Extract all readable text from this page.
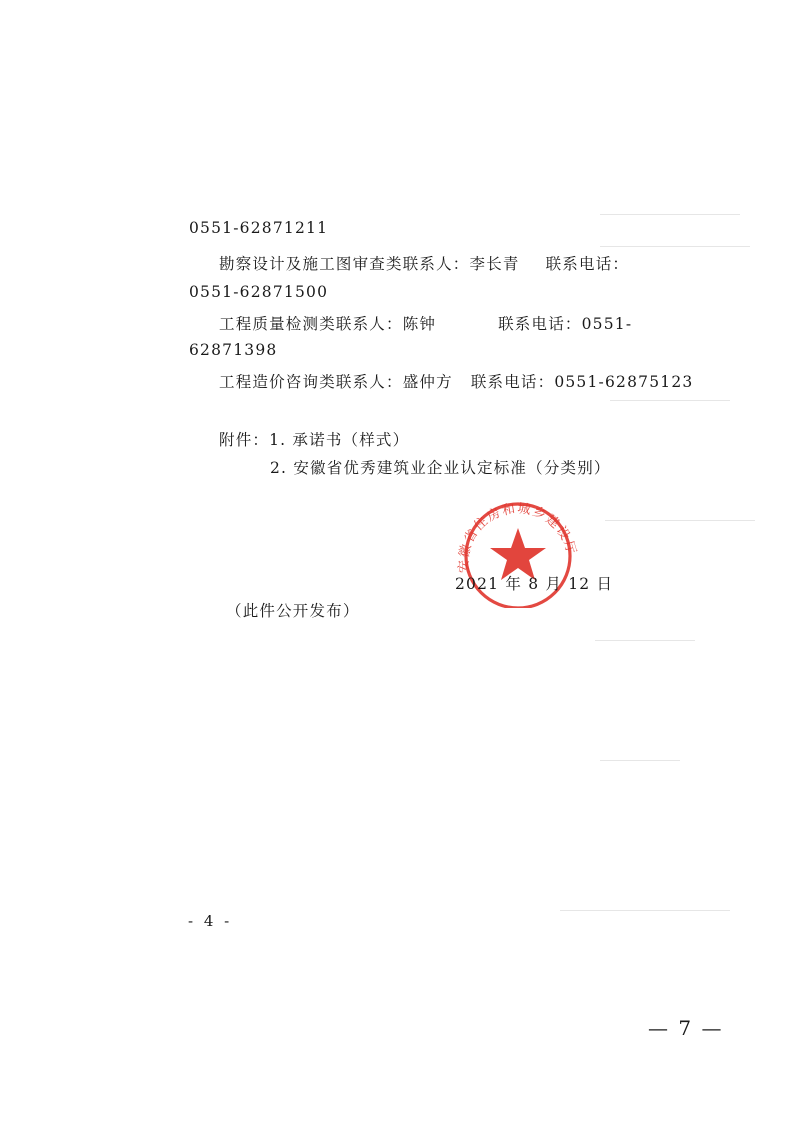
0551-62871211
勘察设计及施工图审查类联系人：李长青 联系电话：
0551-62871500
工程质量检测类联系人：陈钟	联系电话：0551-
62871398
工程造价咨询类联系人：盛仲方 联系电话：0551-62875123
附件：1. 承诺书（样式）
2. 安徽省优秀建筑业企业认定标准（分类别）
安徽省住房和城乡建设厅
2021 年 8 月 12 日
（此件公开发布）
- 4 -
— 7 —
